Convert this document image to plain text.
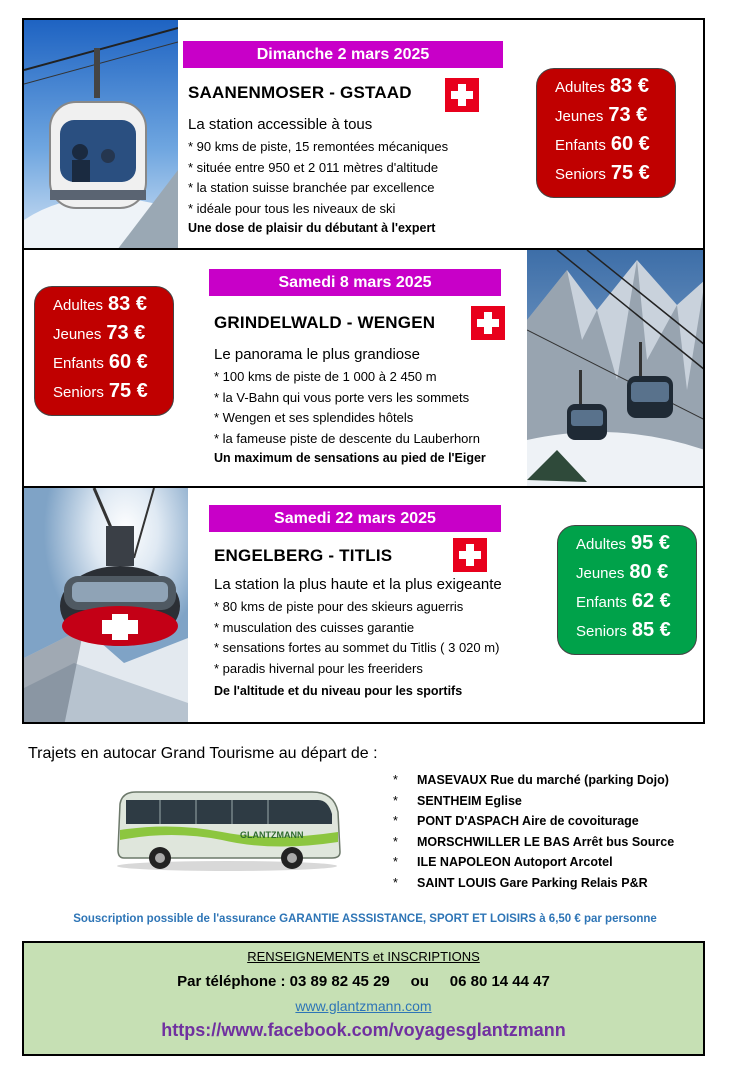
Dimanche 2 mars 2025
SAANENMOSER - GSTAAD
La station accessible à tous
* 90 kms de piste, 15 remontées mécaniques
* située entre 950 et 2 011 mètres d'altitude
* la station suisse branchée par excellence
* idéale pour tous les niveaux de ski
Une dose de plaisir du débutant à l'expert
Adultes 83 €
Jeunes 73 €
Enfants 60 €
Seniors 75 €
Adultes 83 €
Jeunes 73 €
Enfants 60 €
Seniors 75 €
Samedi 8 mars 2025
GRINDELWALD - WENGEN
Le panorama le plus grandiose
* 100 kms de piste de 1 000 à 2 450 m
* la V-Bahn qui vous porte vers les sommets
* Wengen et ses splendides hôtels
* la fameuse piste de descente du Lauberhorn
Un maximum de sensations au pied de l'Eiger
Samedi 22 mars 2025
ENGELBERG - TITLIS
La station la plus haute et la plus exigeante
* 80 kms de piste pour des skieurs aguerris
* musculation des cuisses garantie
* sensations fortes au sommet du Titlis ( 3 020 m)
* paradis hivernal pour les freeriders
De l'altitude et du niveau pour les sportifs
Adultes 95 €
Jeunes 80 €
Enfants 62 €
Seniors 85 €
Trajets en autocar Grand Tourisme au départ de :
GLANTZMANN
* MASEVAUX Rue du marché (parking Dojo)
* SENTHEIM Eglise
* PONT D'ASPACH Aire de covoiturage
* MORSCHWILLER LE BAS Arrêt bus Source
* ILE NAPOLEON Autoport Arcotel
* SAINT LOUIS Gare Parking Relais P&R
Souscription possible de l'assurance GARANTIE ASSSISTANCE, SPORT ET LOISIRS à 6,50 € par personne
RENSEIGNEMENTS et INSCRIPTIONS
Par téléphone : 03 89 82 45 29     ou     06 80 14 44 47
www.glantzmann.com
https://www.facebook.com/voyagesglantzmann
